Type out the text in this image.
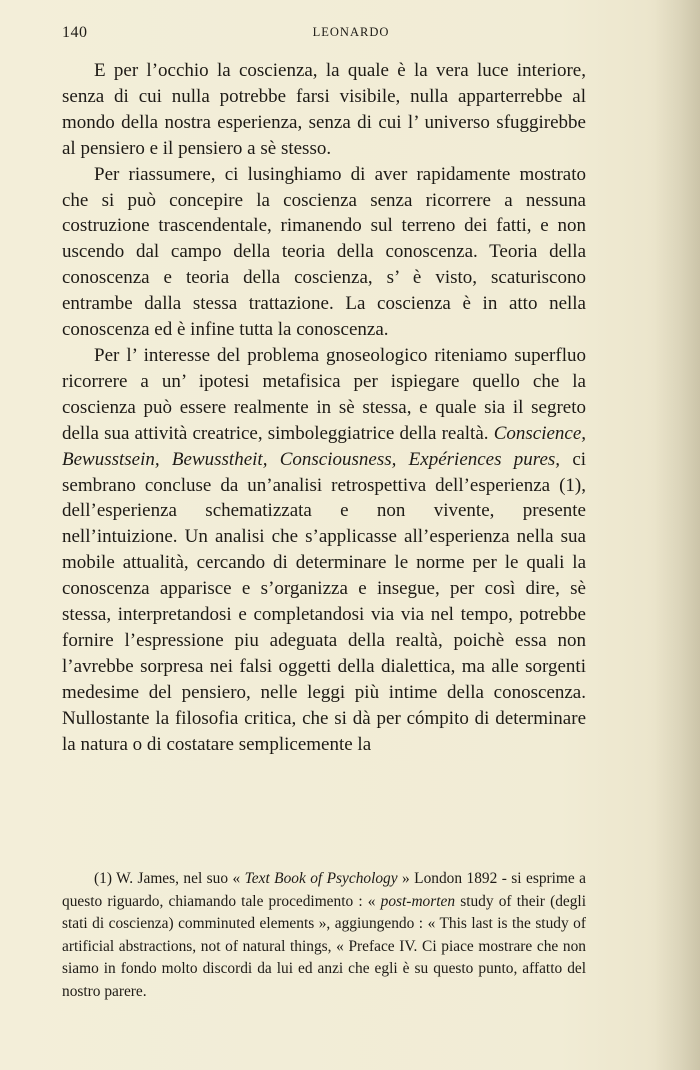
140	LEONARDO

E per l’occhio la coscienza, la quale è la vera luce interiore, senza di cui nulla potrebbe farsi visibile, nulla apparterrebbe al mondo della nostra esperienza, senza di cui l’ universo sfuggirebbe al pensiero e il pensiero a sè stesso.

Per riassumere, ci lusinghiamo di aver rapidamente mostrato che si può concepire la coscienza senza ricorrere a nessuna costruzione trascendentale, rimanendo sul terreno dei fatti, e non uscendo dal campo della teoria della conoscenza. Teoria della conoscenza e teoria della coscienza, s’ è visto, scaturiscono entrambe dalla stessa trattazione. La coscienza è in atto nella conoscenza ed è infine tutta la conoscenza.

Per l’ interesse del problema gnoseologico riteniamo superfluo ricorrere a un’ ipotesi metafisica per ispiegare quello che la coscienza può essere realmente in sè stessa, e quale sia il segreto della sua attività creatrice, simboleggiatrice della realtà. Conscience, Bewusstsein, Bewusstheit, Consciousness, Expériences pures, ci sembrano concluse da un’analisi retrospettiva dell’esperienza (1), dell’esperienza schematizzata e non vivente, presente nell’intuizione. Un analisi che s’applicasse all’esperienza nella sua mobile attualità, cercando di determinare le norme per le quali la conoscenza apparisce e s’organizza e insegue, per così dire, sè stessa, interpretandosi e completandosi via via nel tempo, potrebbe fornire l’espressione piu adeguata della realtà, poichè essa non l’avrebbe sorpresa nei falsi oggetti della dialettica, ma alle sorgenti medesime del pensiero, nelle leggi più intime della conoscenza. Nullostante la filosofia critica, che si dà per cómpito di determinare la natura o di costatare semplicemente la

(1) W. James, nel suo « Text Book of Psychology » London 1892 - si esprime a questo riguardo, chiamando tale procedimento : « post-morten study of their (degli stati di coscienza) comminuted elements », aggiungendo : « This last is the study of artificial abstractions, not of natural things, « Preface IV. Ci piace mostrare che non siamo in fondo molto discordi da lui ed anzi che egli è su questo punto, affatto del nostro parere.
